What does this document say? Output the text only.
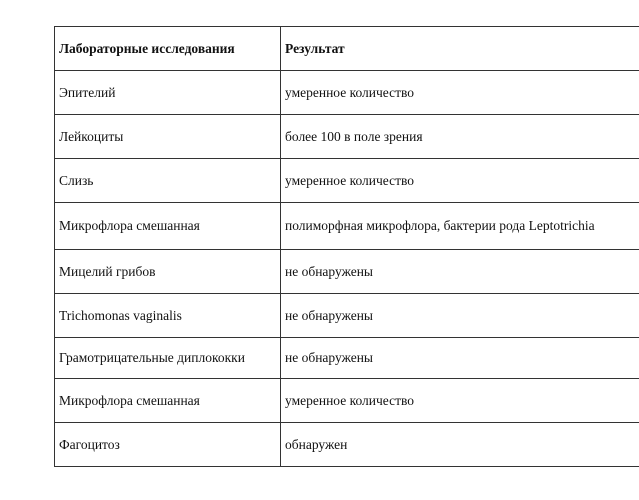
Лабораторные исследования	Результат
Эпителий	умеренное количество
Лейкоциты	более 100 в поле зрения
Слизь	умеренное количество
Микрофлора смешанная	полиморфная микрофлора, бактерии рода Leptotrichia
Мицелий грибов	не обнаружены
Trichomonas vaginalis	не обнаружены
Грамотрицательные диплококки	не обнаружены
Микрофлора смешанная	умеренное количество
Фагоцитоз	обнаружен
